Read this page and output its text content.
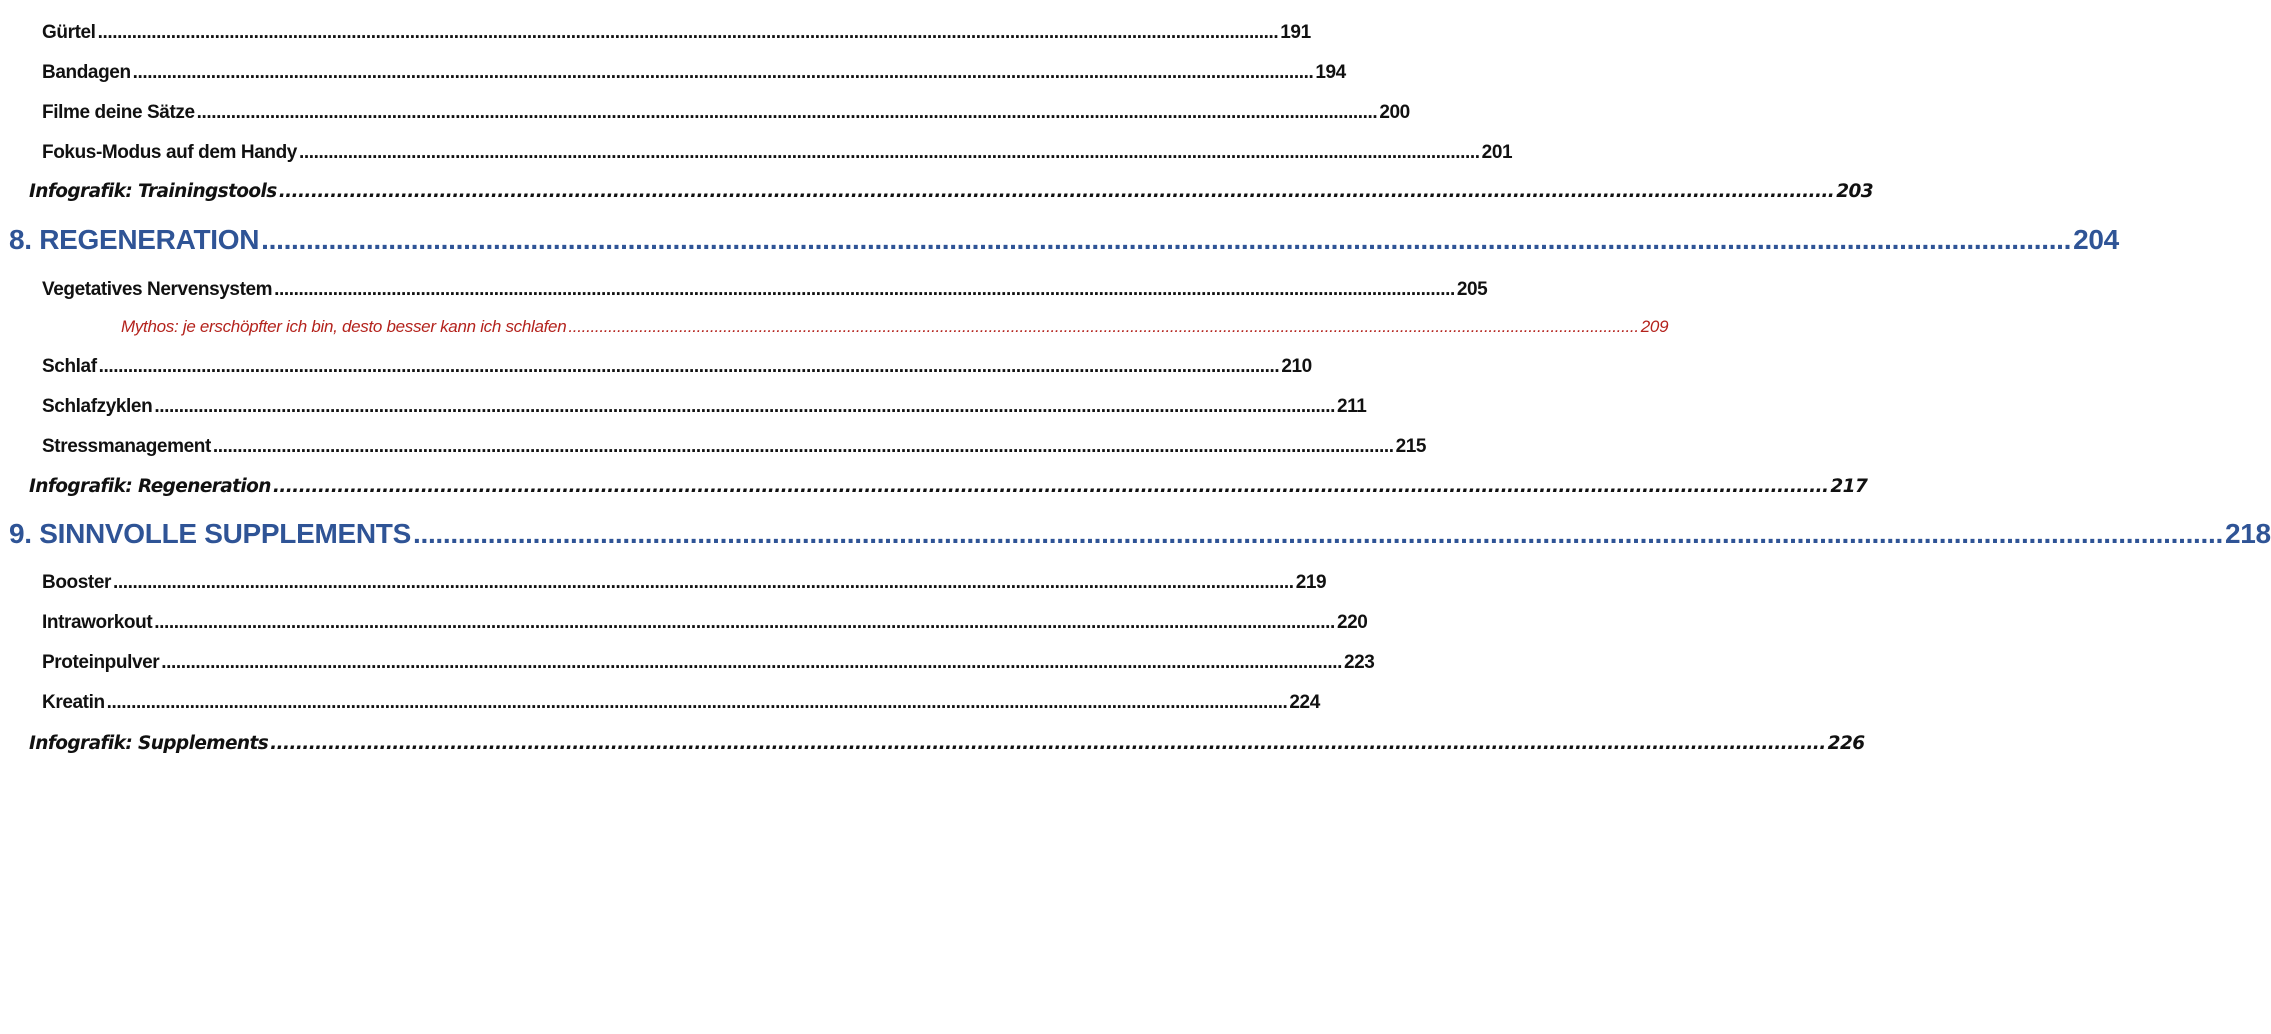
Gürtel .................................................................................................................................................................................................................................................. 191
Bandagen .................................................................................................................................................................................................................................................. 194
Filme deine Sätze .................................................................................................................................................................................................................................................. 200
Fokus-Modus auf dem Handy .................................................................................................................................................................................................................................................. 201
Infografik: Trainingstools .................................................................................................................................................................................................................................................. 203
8. REGENERATION .................................................................................................................................................................................................................................................. 204
Vegetatives Nervensystem .................................................................................................................................................................................................................................................. 205
Mythos: je erschöpfter ich bin, desto besser kann ich schlafen .................................................................................................................................................................................................................................................. 209
Schlaf .................................................................................................................................................................................................................................................. 210
Schlafzyklen .................................................................................................................................................................................................................................................. 211
Stressmanagement .................................................................................................................................................................................................................................................. 215
Infografik: Regeneration .................................................................................................................................................................................................................................................. 217
9. SINNVOLLE SUPPLEMENTS .................................................................................................................................................................................................................................................. 218
Booster .................................................................................................................................................................................................................................................. 219
Intraworkout .................................................................................................................................................................................................................................................. 220
Proteinpulver .................................................................................................................................................................................................................................................. 223
Kreatin .................................................................................................................................................................................................................................................. 224
Infografik: Supplements .................................................................................................................................................................................................................................................. 226
